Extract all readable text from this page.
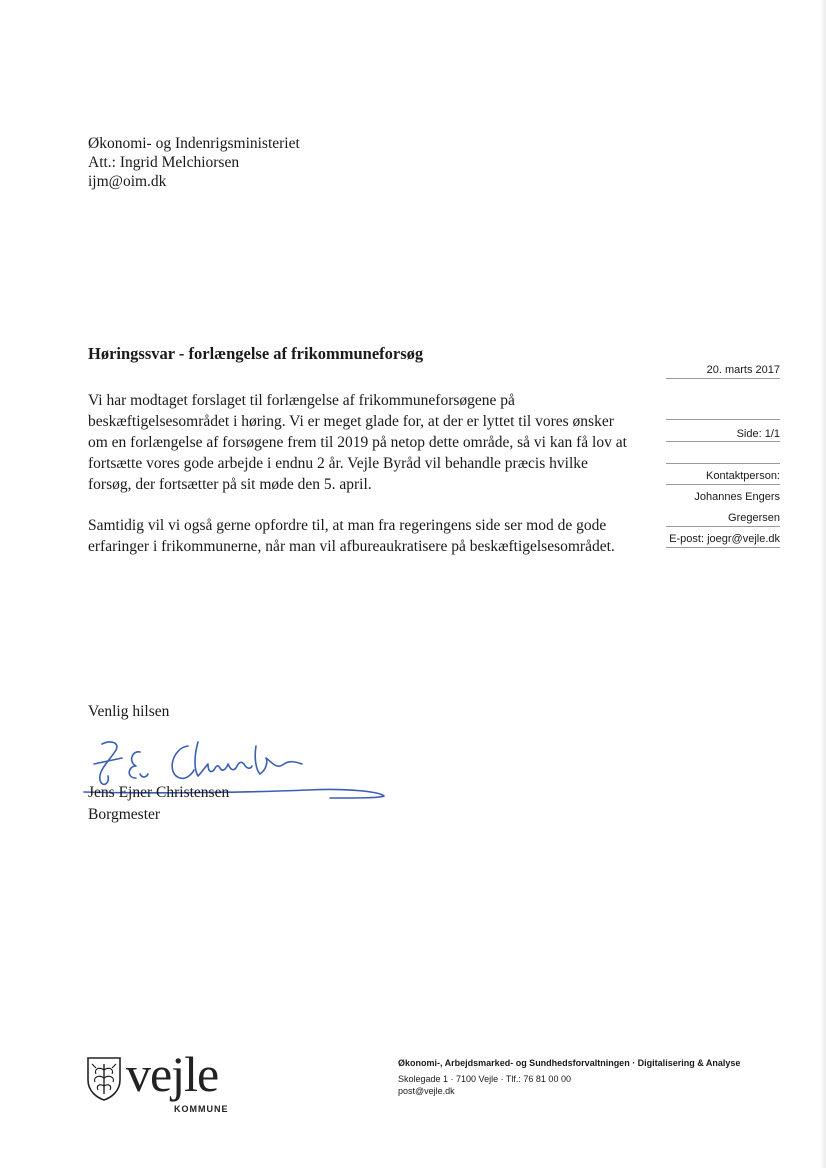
Økonomi- og Indenrigsministeriet
Att.: Ingrid Melchiorsen
ijm@oim.dk
Høringssvar - forlængelse af frikommuneforsøg
Vi har modtaget forslaget til forlængelse af frikommuneforsøgene på beskæftigelsesområdet i høring. Vi er meget glade for, at der er lyttet til vores ønsker om en forlængelse af forsøgene frem til 2019 på netop dette område, så vi kan få lov at fortsætte vores gode arbejde i endnu 2 år. Vejle Byråd vil behandle præcis hvilke forsøg, der fortsætter på sit møde den 5. april.
Samtidig vil vi også gerne opfordre til, at man fra regeringens side ser mod de gode erfaringer i frikommunerne, når man vil afbureaukratisere på beskæftigelsesområdet.
20. marts 2017
Side: 1/1
Kontaktperson:
Johannes Engers
Gregersen
E-post: joegr@vejle.dk
Venlig hilsen
Jens Ejner Christensen
Borgmester
vejle
KOMMUNE
Økonomi-, Arbejdsmarked- og Sundhedsforvaltningen · Digitalisering & Analyse
Skolegade 1 · 7100 Vejle · Tlf.: 76 81 00 00
post@vejle.dk
